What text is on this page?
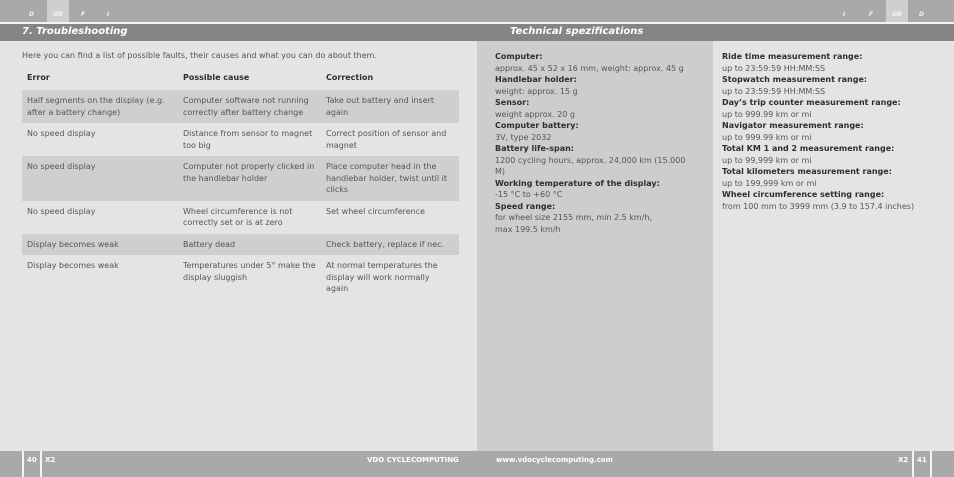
D	GB	F	I	I	F	GB	D
7. Troubleshooting	Technical spezifications

Here you can find a list of possible faults, their causes and what you can do about them.

Error	Possible cause	Correction
Half segments on the display (e.g. after a battery change)	Computer software not running correctly after battery change	Take out battery and insert again
No speed display	Distance from sensor to magnet too big	Correct position of sensor and magnet
No speed display	Computer not properly clicked in the handlebar holder	Place computer head in the handlebar holder, twist until it clicks
No speed display	Wheel circumference is not correctly set or is at zero	Set wheel circumference
Display becomes weak	Battery dead	Check battery, replace if nec.
Display becomes weak	Temperatures under 5° make the display sluggish	At normal temperatures the display will work normally again
Computer:
approx. 45 x 52 x 16 mm, weight: approx. 45 g
Handlebar holder:
weight: approx. 15 g
Sensor:
weight approx. 20 g
Computer battery:
3V, type 2032
Battery life-span:
1200 cycling hours, approx. 24,000 km (15.000 M)
Working temperature of the display:
-15 °C to +60 °C
Speed range:
for wheel size 2155 mm, min 2.5 km/h, max 199.5 km/h
Ride time measurement range:
up to 23:59:59 HH:MM:SS
Stopwatch measurement range:
up to 23:59:59 HH:MM:SS
Day’s trip counter measurement range:
up to 999.99 km or mi
Navigator measurement range:
up to 999.99 km or mi
Total KM 1 and 2 measurement range:
up to 99,999 km or mi
Total kilometers measurement range:
up to 199,999 km or mi
Wheel circumference setting range:
from 100 mm to 3999 mm (3.9 to 157.4 inches)
40 X2	VDO CYCLECOMPUTING	www.vdocyclecomputing.com	X2 41
